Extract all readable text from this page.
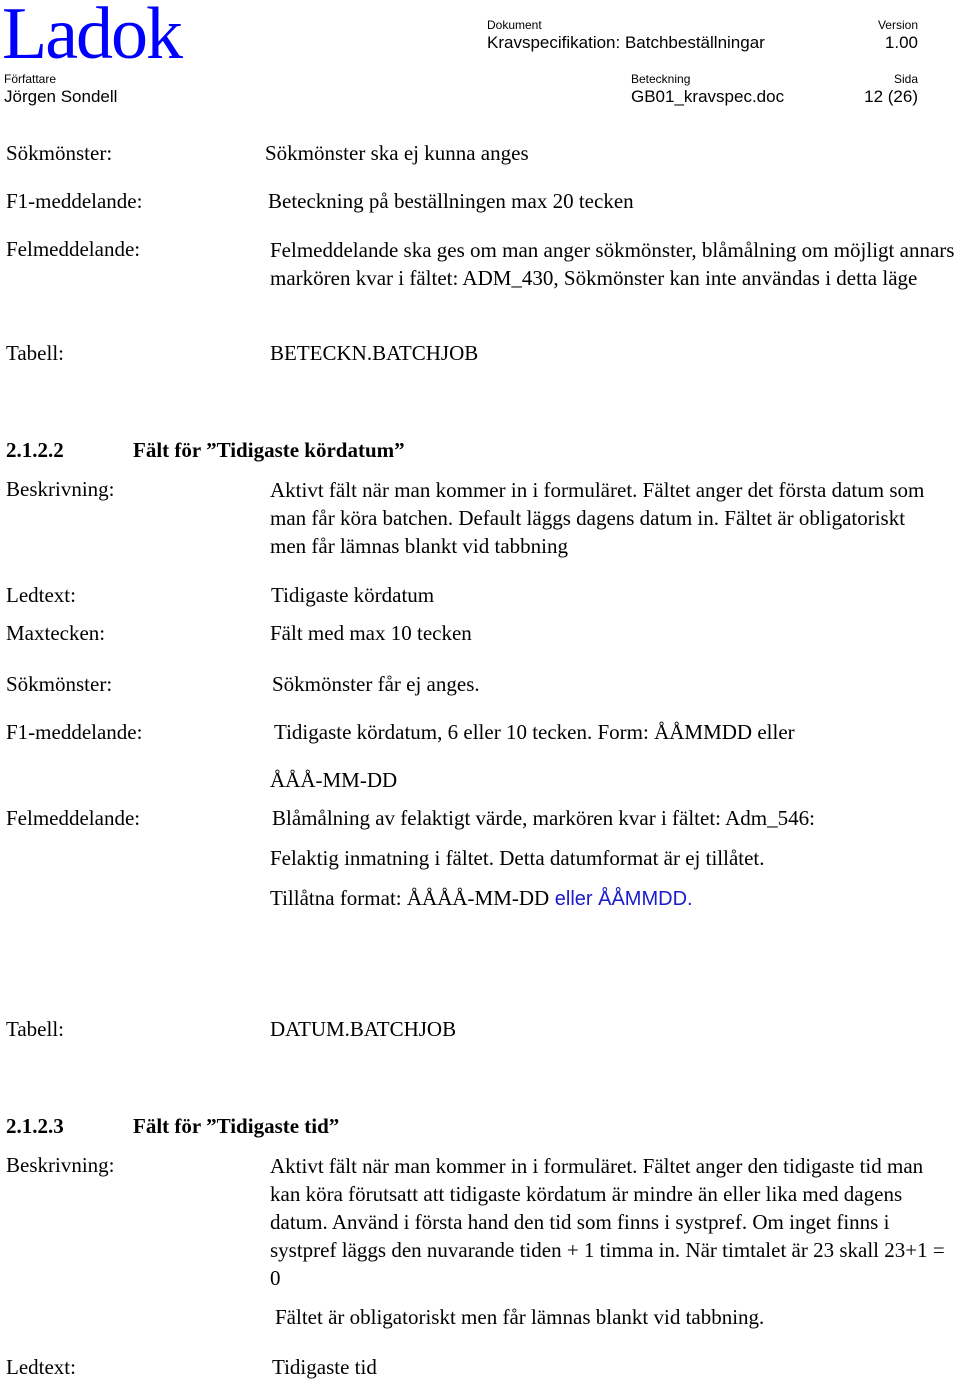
Ladok	Dokument
Kravspecifikation: Batchbeställningar
Version
1.00
Författare
Jörgen Sondell
Beteckning
GB01_kravspec.doc
Sida
12 (26)
Sökmönster:	Sökmönster ska ej kunna anges
F1-meddelande:	Beteckning på beställningen max 20 tecken
Felmeddelande:	Felmeddelande ska ges om man anger sökmönster, blåmålning om möjligt annars markören kvar i fältet: ADM_430, Sökmönster kan inte användas i detta läge
Tabell:	BETECKN.BATCHJOB
2.1.2.2	Fält för ”Tidigaste kördatum”
Beskrivning:	Aktivt fält när man kommer in i formuläret. Fältet anger det första datum som man får köra batchen. Default läggs dagens datum in. Fältet är obligatoriskt men får lämnas blankt vid tabbning
Ledtext:	Tidigaste kördatum
Maxtecken:	Fält med max 10 tecken
Sökmönster:	Sökmönster får ej anges.
F1-meddelande:	Tidigaste kördatum, 6 eller 10 tecken. Form: ÅÅMMDD eller
ÅÅÅ-MM-DD
Felmeddelande:	Blåmålning av felaktigt värde, markören kvar i fältet: Adm_546:
Felaktig inmatning i fältet. Detta datumformat är ej tillåtet.
Tillåtna format: ÅÅÅÅ-MM-DD eller ÅÅMMDD.
Tabell:	DATUM.BATCHJOB
2.1.2.3	Fält för ”Tidigaste tid”
Beskrivning:	Aktivt fält när man kommer in i formuläret. Fältet anger den tidigaste tid man kan köra förutsatt att tidigaste kördatum är mindre än eller lika med dagens datum. Använd i första hand den tid som finns i systpref. Om inget finns i systpref läggs den nuvarande tiden + 1 timma in. När timtalet är 23 skall 23+1 = 0
Fältet är obligatoriskt men får lämnas blankt vid tabbning.
Ledtext:	Tidigaste tid
